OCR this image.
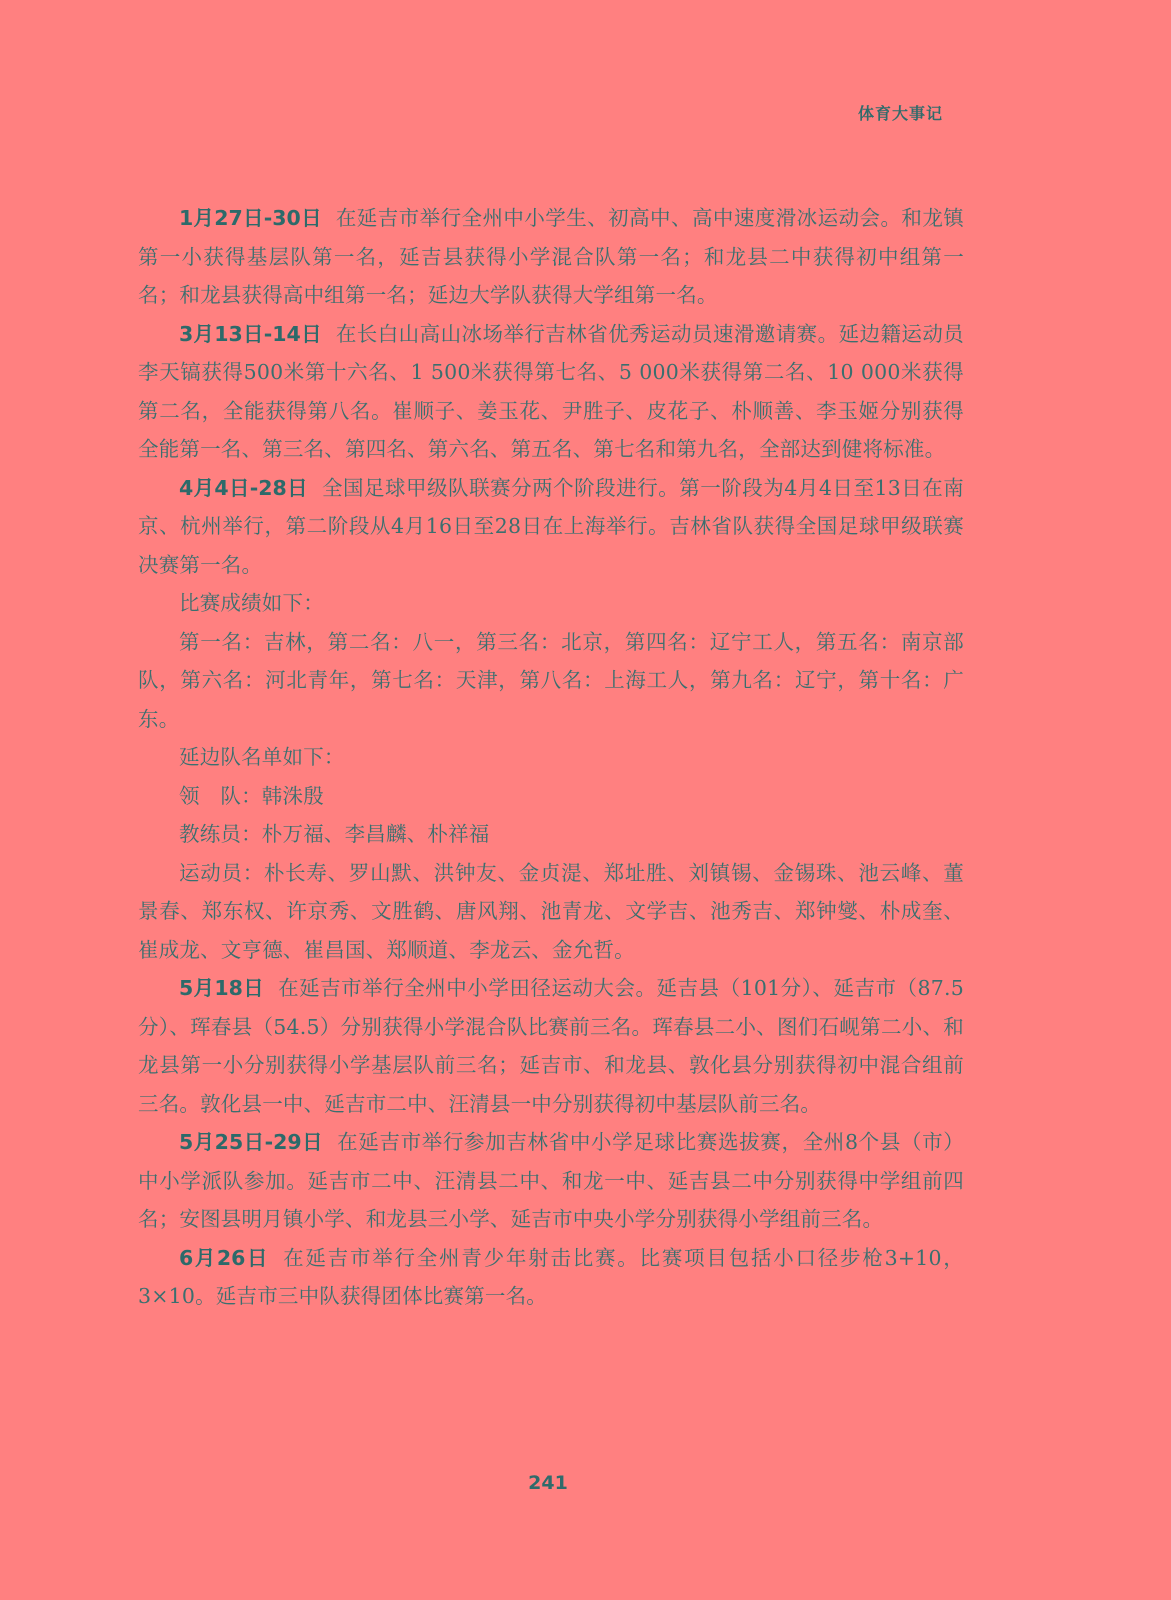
体育大事记

1月27日-30日 在延吉市举行全州中小学生、初高中、高中速度滑冰运动会。和龙镇第一小获得基层队第一名，延吉县获得小学混合队第一名；和龙县二中获得初中组第一名；和龙县获得高中组第一名；延边大学队获得大学组第一名。

3月13日-14日 在长白山高山冰场举行吉林省优秀运动员速滑邀请赛。延边籍运动员李天镐获得500米第十六名、1 500米获得第七名、5 000米获得第二名、10 000米获得第二名，全能获得第八名。崔顺子、姜玉花、尹胜子、皮花子、朴顺善、李玉姬分别获得全能第一名、第三名、第四名、第六名、第五名、第七名和第九名，全部达到健将标准。

4月4日-28日 全国足球甲级队联赛分两个阶段进行。第一阶段为4月4日至13日在南京、杭州举行，第二阶段从4月16日至28日在上海举行。吉林省队获得全国足球甲级联赛决赛第一名。

比赛成绩如下：

第一名：吉林，第二名：八一，第三名：北京，第四名：辽宁工人，第五名：南京部队，第六名：河北青年，第七名：天津，第八名：上海工人，第九名：辽宁，第十名：广东。

延边队名单如下：

领　队：韩洙殷

教练员：朴万福、李昌麟、朴祥福

运动员：朴长寿、罗山默、洪钟友、金贞湜、郑址胜、刘镇锡、金锡珠、池云峰、董景春、郑东权、许京秀、文胜鹤、唐风翔、池青龙、文学吉、池秀吉、郑钟燮、朴成奎、崔成龙、文亨德、崔昌国、郑顺道、李龙云、金允哲。

5月18日 在延吉市举行全州中小学田径运动大会。延吉县（101分）、延吉市（87.5分）、珲春县（54.5）分别获得小学混合队比赛前三名。珲春县二小、图们石岘第二小、和龙县第一小分别获得小学基层队前三名；延吉市、和龙县、敦化县分别获得初中混合组前三名。敦化县一中、延吉市二中、汪清县一中分别获得初中基层队前三名。

5月25日-29日 在延吉市举行参加吉林省中小学足球比赛选拔赛，全州8个县（市）中小学派队参加。延吉市二中、汪清县二中、和龙一中、延吉县二中分别获得中学组前四名；安图县明月镇小学、和龙县三小学、延吉市中央小学分别获得小学组前三名。

6月26日 在延吉市举行全州青少年射击比赛。比赛项目包括小口径步枪3+10，3×10。延吉市三中队获得团体比赛第一名。

241
